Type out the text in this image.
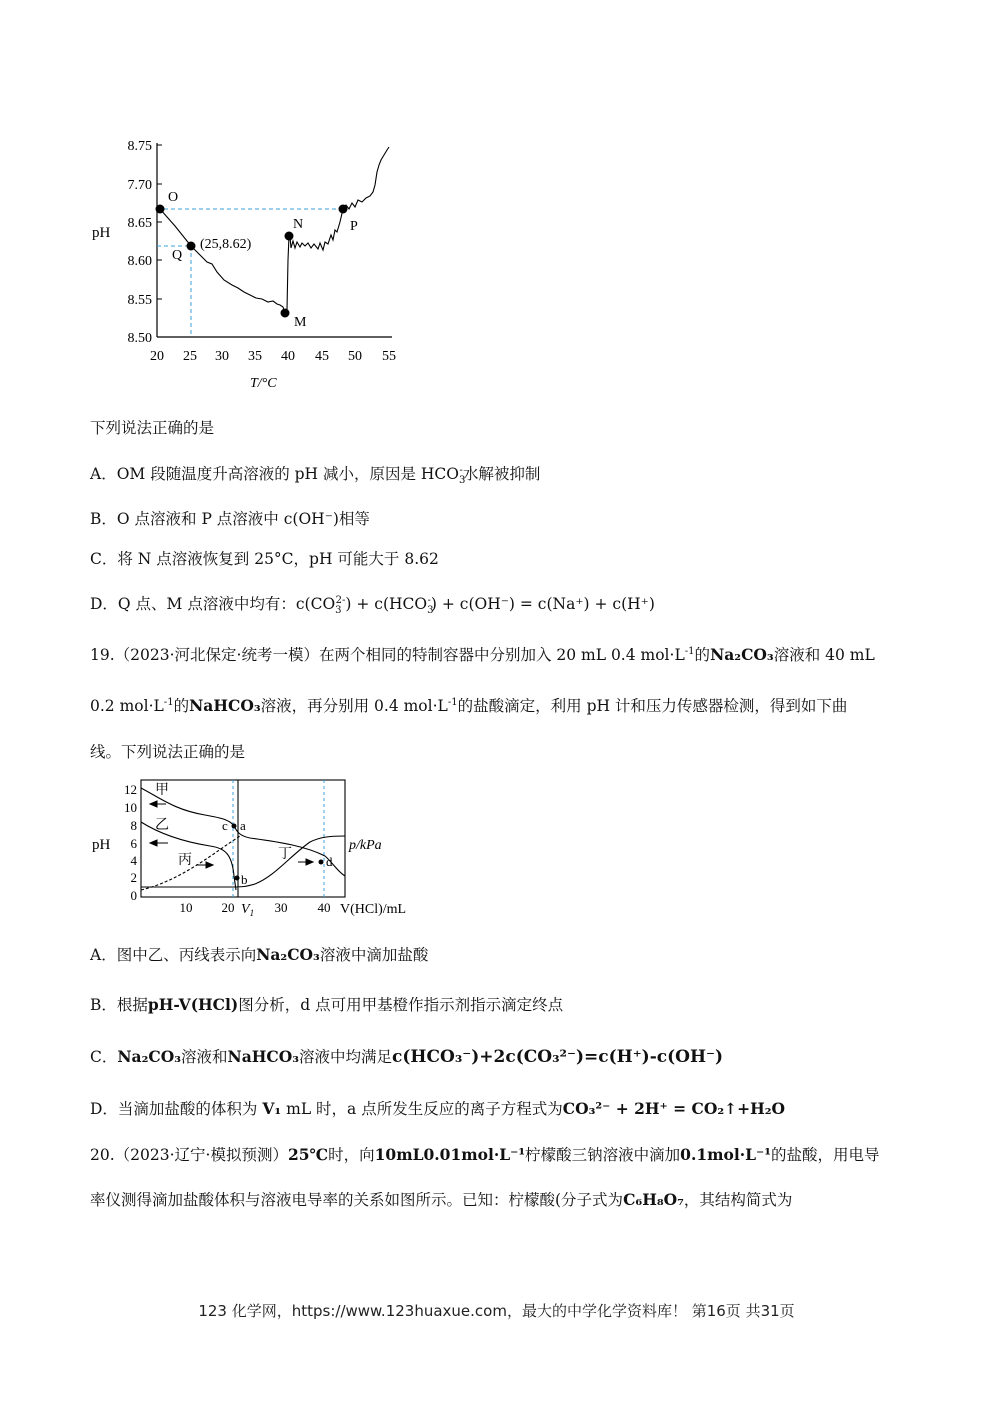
8.75
7.70
8.65
8.60
8.55
8.50
pH
20 25 30 35 40 45 50 55
T/°C
O
Q
(25,8.62)
N
M
P
下列说法正确的是
A．OM 段随温度升高溶液的 pH 减小，原因是 $HCO_3^-$水解被抑制
B．O 点溶液和 P 点溶液中 c(OH⁻)相等
C．将 N 点溶液恢复到 25°C，pH 可能大于 8.62
D．Q 点、M 点溶液中均有：$c(CO_3^{2-}) + c(HCO_3^-) + c(OH^-) = c(Na^+) + c(H^+)$
19.（2023·河北保定·统考一模）在两个相同的特制容器中分别加入 20 mL 0.4 $mol\cdot L^{-1}$的Na₂CO₃溶液和 40 mL
0.2 $mol\cdot L^{-1}$的NaHCO₃溶液，再分别用 0.4 $mol\cdot L^{-1}$的盐酸滴定，利用 pH 计和压力传感器检测，得到如下曲
线。下列说法正确的是
12
10
8
6
4
2
0
pH
10 20	30 40
$V_1$	V(HCl)/mL
p/kPa
a
b
c
d
甲
乙
丙	丁
A．图中乙、丙线表示向Na₂CO₃溶液中滴加盐酸
B．根据pH-V(HCl)图分析，d 点可用甲基橙作指示剂指示滴定终点
C．Na₂CO₃溶液和NaHCO₃溶液中均满足c(HCO₃⁻)+2c(CO₃²⁻)=c(H⁺)-c(OH⁻)
D．当滴加盐酸的体积为 V₁ mL 时，a 点所发生反应的离子方程式为CO₃²⁻ + 2H⁺ = CO₂↑+H₂O
20.（2023·辽宁·模拟预测）25℃时，向10mL0.01mol·L⁻¹柠檬酸三钠溶液中滴加0.1mol·L⁻¹的盐酸，用电导
率仪测得滴加盐酸体积与溶液电导率的关系如图所示。已知：柠檬酸(分子式为C₆H₈O₇，其结构简式为
123 化学网，https://www.123huaxue.com，最大的中学化学资料库！ 第16页 共31页
